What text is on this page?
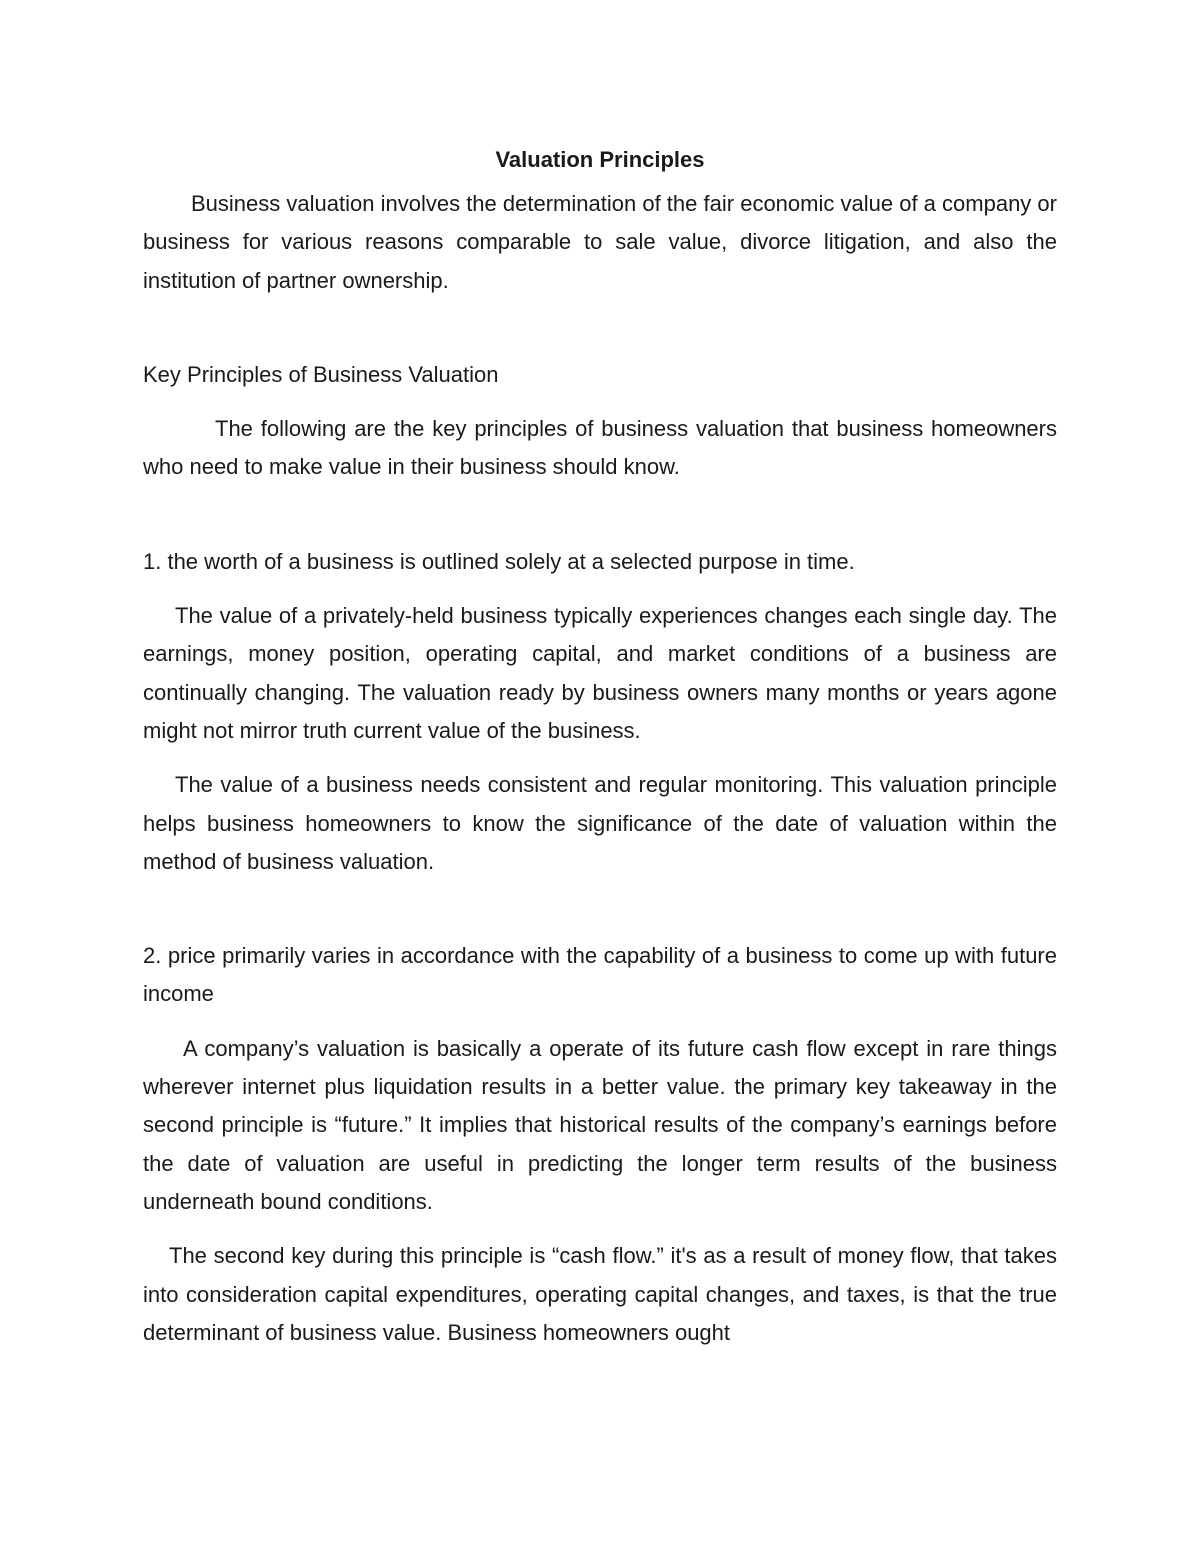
Valuation Principles

Business valuation involves the determination of the fair economic value of a company or business for various reasons comparable to sale value, divorce litigation, and also the institution of partner ownership.

Key Principles of Business Valuation

The following are the key principles of business valuation that business homeowners who need to make value in their business should know.

1. the worth of a business is outlined solely at a selected purpose in time.

The value of a privately-held business typically experiences changes each single day. The earnings, money position, operating capital, and market conditions of a business are continually changing. The valuation ready by business owners many months or years agone might not mirror truth current value of the business.

The value of a business needs consistent and regular monitoring. This valuation principle helps business homeowners to know the significance of the date of valuation within the method of business valuation.

2. price primarily varies in accordance with the capability of a business to come up with future income

A company’s valuation is basically a operate of its future cash flow except in rare things wherever internet plus liquidation results in a better value. the primary key takeaway in the second principle is “future.” It implies that historical results of the company’s earnings before the date of valuation are useful in predicting the longer term results of the business underneath bound conditions.

The second key during this principle is “cash flow.” it's as a result of money flow, that takes into consideration capital expenditures, operating capital changes, and taxes, is that the true determinant of business value. Business homeowners ought
